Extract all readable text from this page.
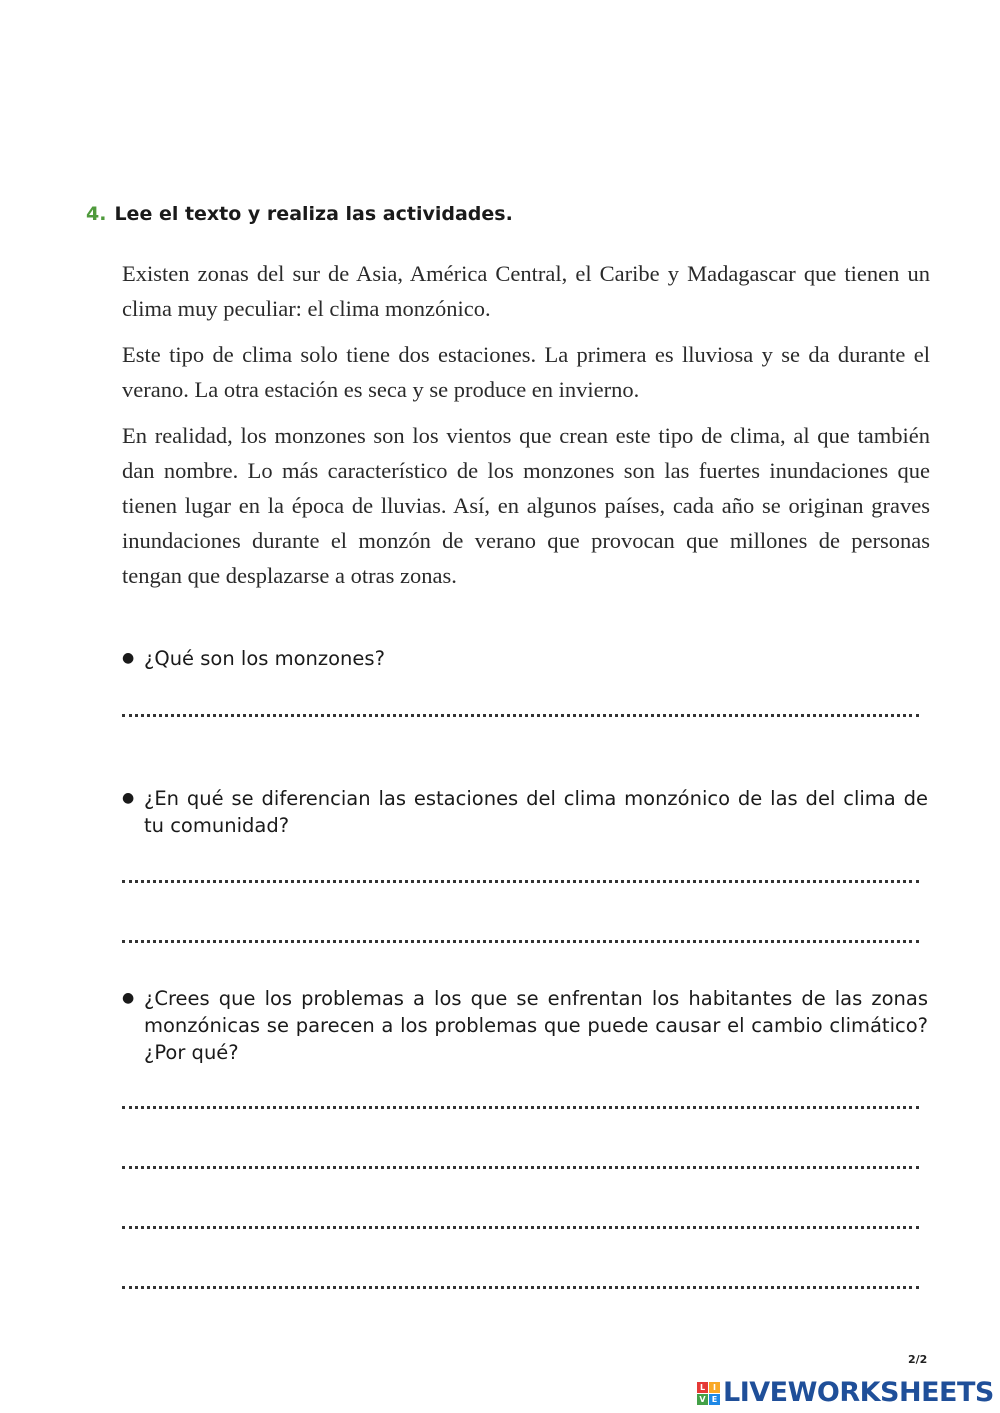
4. Lee el texto y realiza las actividades.
Existen zonas del sur de Asia, América Central, el Caribe y Madagascar que tienen un clima muy peculiar: el clima monzónico.
Este tipo de clima solo tiene dos estaciones. La primera es lluviosa y se da durante el verano. La otra estación es seca y se produce en invierno.
En realidad, los monzones son los vientos que crean este tipo de clima, al que también dan nombre. Lo más característico de los monzones son las fuertes inundaciones que tienen lugar en la época de lluvias. Así, en algunos países, cada año se originan graves inundaciones durante el monzón de verano que provocan que millones de personas tengan que desplazarse a otras zonas.
● ¿Qué son los monzones?
● ¿En qué se diferencian las estaciones del clima monzónico de las del clima de tu comunidad?
● ¿Crees que los problemas a los que se enfrentan los habitantes de las zonas monzónicas se parecen a los problemas que puede causar el cambio climático? ¿Por qué?
2/2
L I
V E LIVEWORKSHEETS
